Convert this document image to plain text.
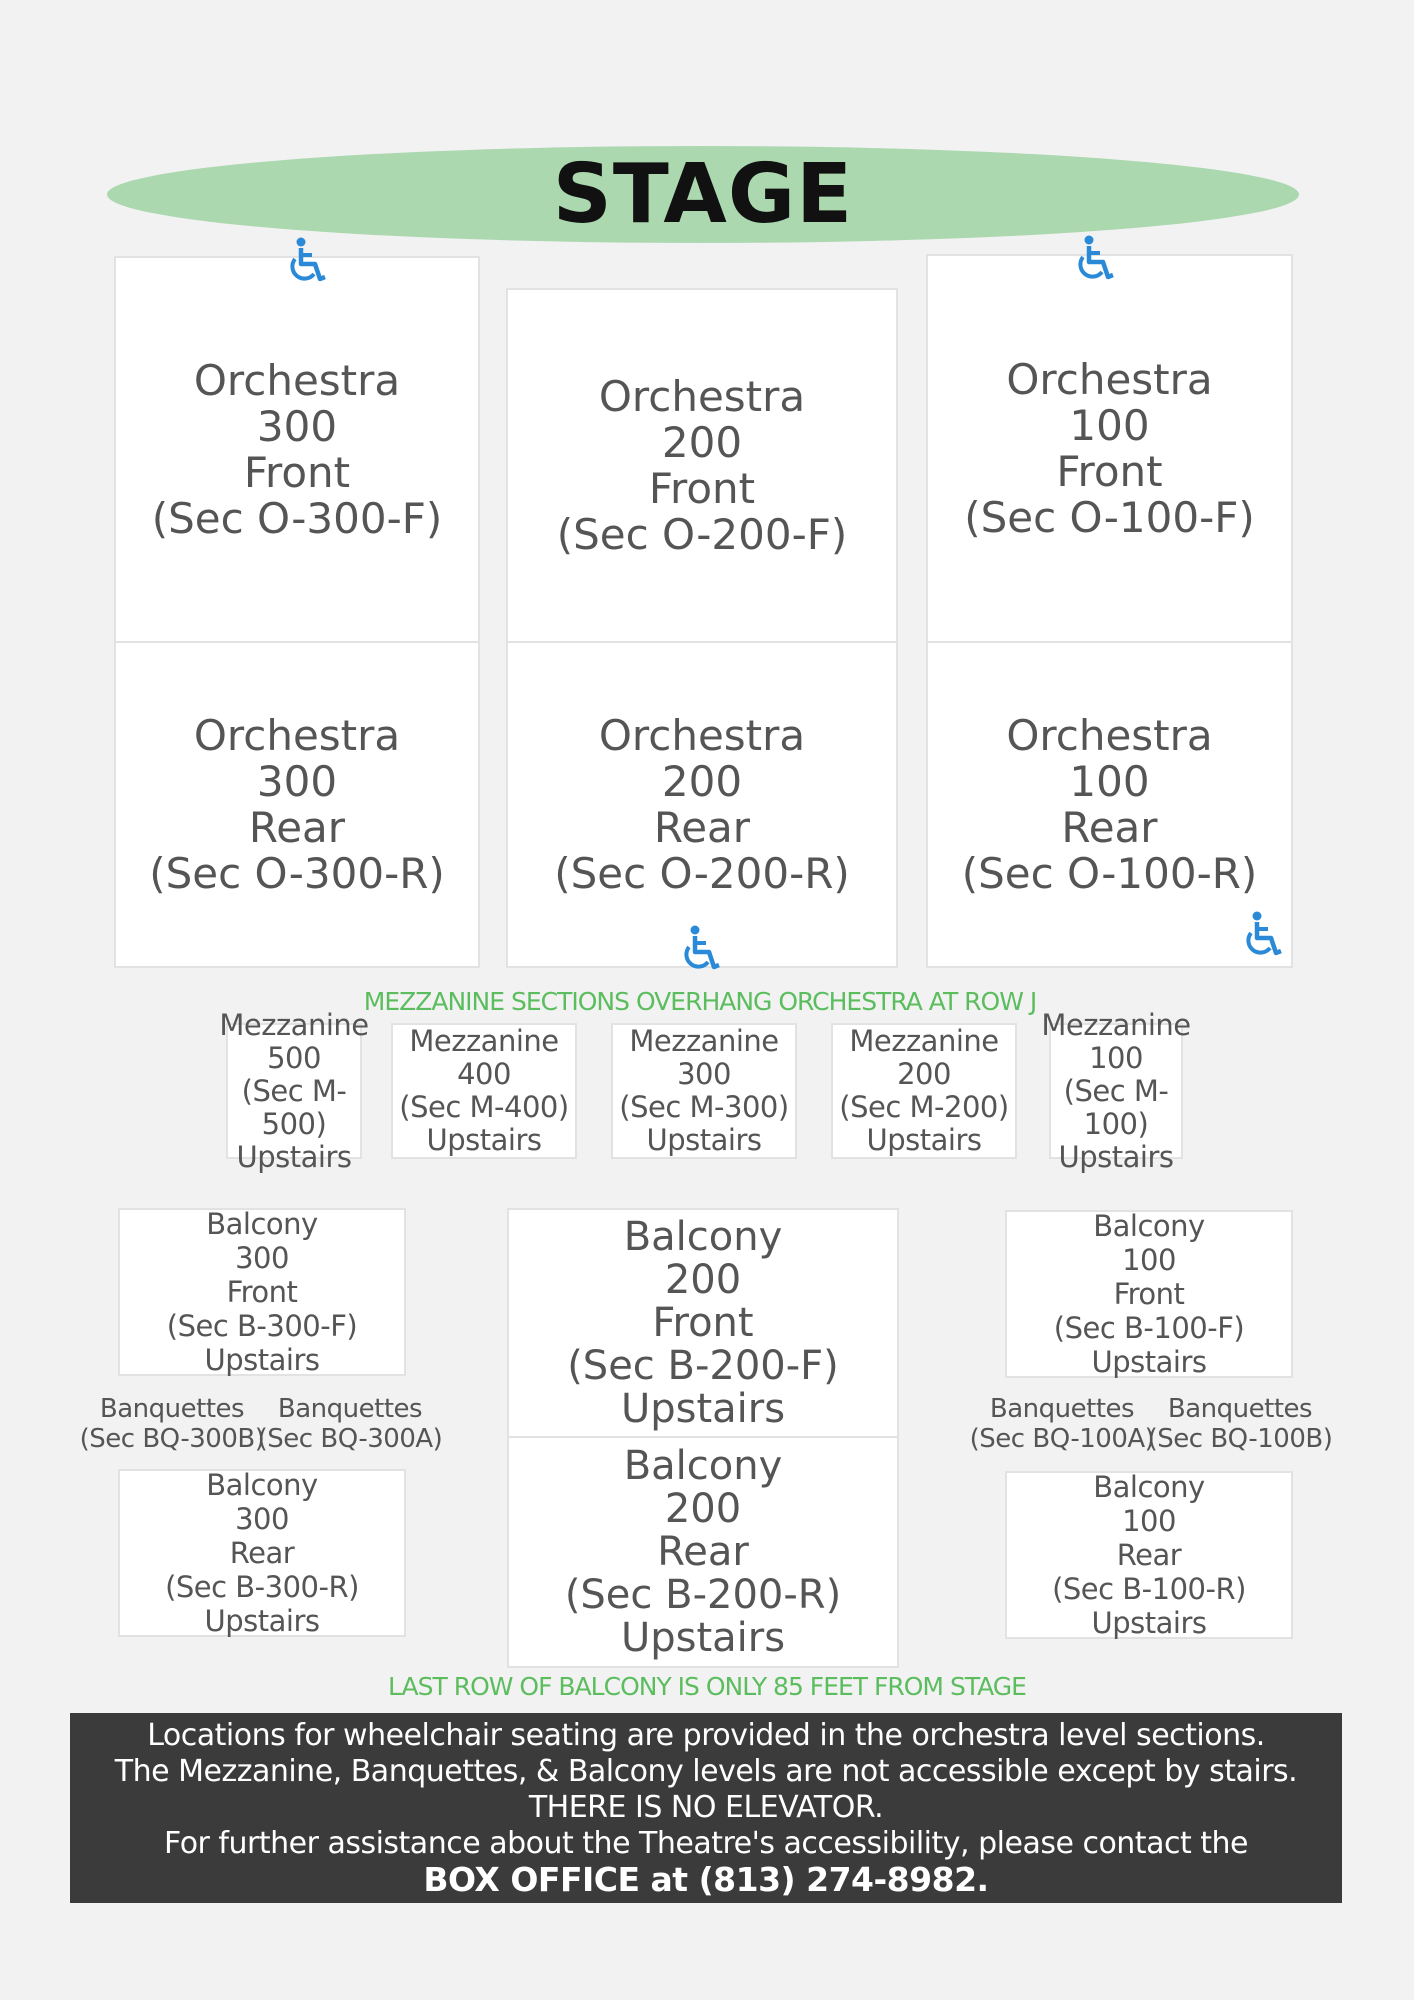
STAGE
Orchestra
300
Front
(Sec O-300-F)
Orchestra
200
Front
(Sec O-200-F)
Orchestra
100
Front
(Sec O-100-F)
Orchestra
300
Rear
(Sec O-300-R)
Orchestra
200
Rear
(Sec O-200-R)
Orchestra
100
Rear
(Sec O-100-R)
MEZZANINE SECTIONS OVERHANG ORCHESTRA AT ROW J
Mezzanine
500
(Sec M-500)
Upstairs
Mezzanine
400
(Sec M-400)
Upstairs
Mezzanine
300
(Sec M-300)
Upstairs
Mezzanine
200
(Sec M-200)
Upstairs
Mezzanine
100
(Sec M-100)
Upstairs
Balcony
300
Front
(Sec B-300-F)
Upstairs
Balcony
200
Front
(Sec B-200-F)
Upstairs
Balcony
100
Front
(Sec B-100-F)
Upstairs
Balcony
300
Rear
(Sec B-300-R)
Upstairs
Balcony
200
Rear
(Sec B-200-R)
Upstairs
Balcony
100
Rear
(Sec B-100-R)
Upstairs
Banquettes
(Sec BQ-300B)
Banquettes
(Sec BQ-300A)
Banquettes
(Sec BQ-100A)
Banquettes
(Sec BQ-100B)
LAST ROW OF BALCONY IS ONLY 85 FEET FROM STAGE
Locations for wheelchair seating are provided in the orchestra level sections.
The Mezzanine, Banquettes, & Balcony levels are not accessible except by stairs.
THERE IS NO ELEVATOR.
For further assistance about the Theatre's accessibility, please contact the
BOX OFFICE at (813) 274-8982.
